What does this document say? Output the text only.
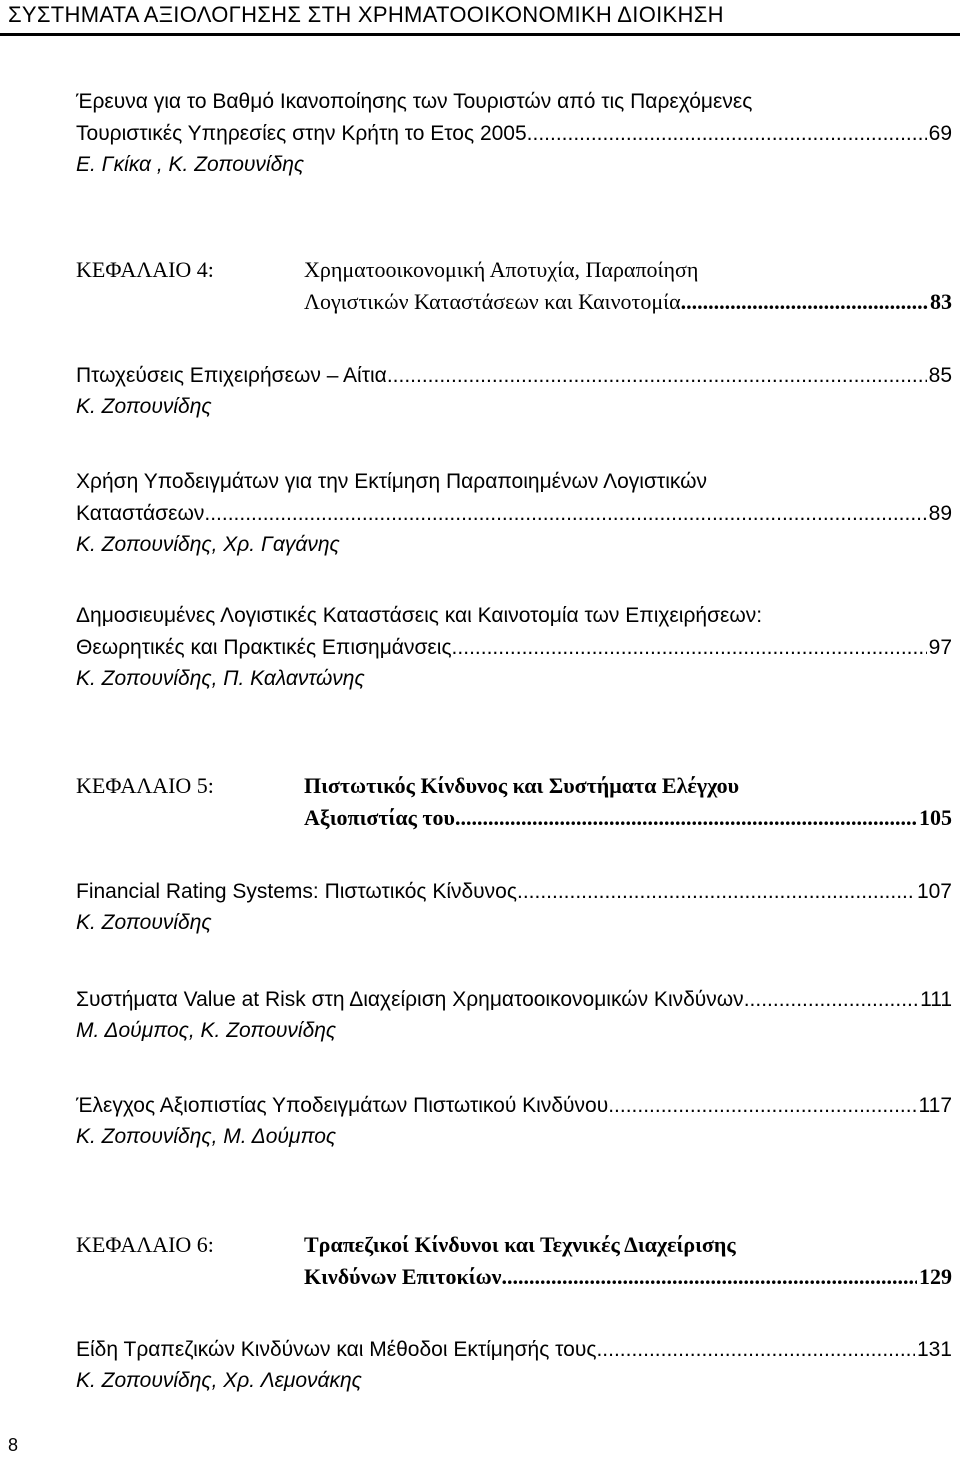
ΣΥΣΤΗΜΑΤΑ ΑΞΙΟΛΟΓΗΣΗΣ ΣΤΗ ΧΡΗΜΑΤΟΟΙΚΟΝΟΜΙΚΗ ΔΙΟΙΚΗΣΗ
Έρευνα για το Βαθμό Ικανοποίησης των Τουριστών από τις Παρεχόμενες
Τουριστικές Υπηρεσίες στην Κρήτη το Ετος 2005 .....	69
Ε. Γκίκα , Κ. Ζοπουνίδης
ΚΕΦΑΛΑΙΟ 4:	Χρηματοοικονομική Αποτυχία, Παραποίηση
Λογιστικών Καταστάσεων και Καινοτομία .....	83
Πτωχεύσεις Επιχειρήσεων – Αίτια .....	85
Κ. Ζοπουνίδης
Χρήση Υποδειγμάτων για την Εκτίμηση Παραποιημένων Λογιστικών
Καταστάσεων .....	89
Κ. Ζοπουνίδης, Χρ. Γαγάνης
Δημοσιευμένες Λογιστικές Καταστάσεις και Καινοτομία των Επιχειρήσεων:
Θεωρητικές και Πρακτικές Επισημάνσεις. .....	97
Κ. Ζοπουνίδης, Π. Καλαντώνης
ΚΕΦΑΛΑΙΟ 5:	Πιστωτικός Κίνδυνος και Συστήματα Ελέγχου
Αξιοπιστίας του .....	105
Financial Rating Systems: Πιστωτικός Κίνδυνος .....	107
Κ. Ζοπουνίδης
Συστήματα Value at Risk στη Διαχείριση Χρηματοοικονομικών Κινδύνων .....	111
Μ. Δούμπος, Κ. Ζοπουνίδης
Έλεγχος Αξιοπιστίας Υποδειγμάτων Πιστωτικού Κινδύνου .....	117
Κ. Ζοπουνίδης, Μ. Δούμπος
ΚΕΦΑΛΑΙΟ 6:	Τραπεζικοί Κίνδυνοι και Τεχνικές Διαχείρισης
Κινδύνων Επιτοκίων .....	129
Είδη Τραπεζικών Κινδύνων και Μέθοδοι Εκτίμησής τους .....	131
Κ. Ζοπουνίδης, Χρ. Λεμονάκης
8
